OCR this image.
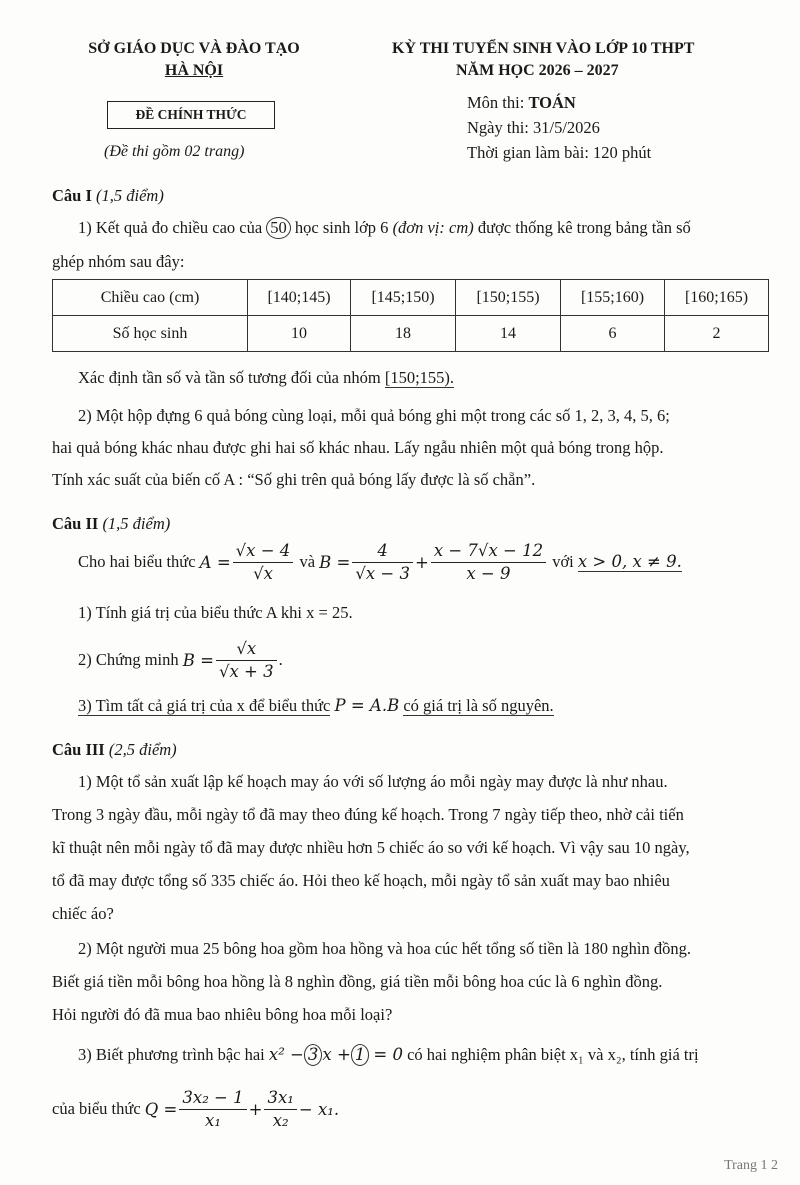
SỞ GIÁO DỤC VÀ ĐÀO TẠO
HÀ NỘI
ĐỀ CHÍNH THỨC
(Đề thi gồm 02 trang)
KỲ THI TUYỂN SINH VÀO LỚP 10 THPT
NĂM HỌC 2026 – 2027
Môn thi: TOÁN
Ngày thi: 31/5/2026
Thời gian làm bài: 120 phút
Câu I (1,5 điểm)
1) Kết quả đo chiều cao của 50 học sinh lớp 6 (đơn vị: cm) được thống kê trong bảng tần số
ghép nhóm sau đây:
Chiều cao (cm)	[140;145)	[145;150)	[150;155)	[155;160)	[160;165)
Số học sinh	10	18	14	6	2
Xác định tần số và tần số tương đối của nhóm [150;155).
2) Một hộp đựng 6 quả bóng cùng loại, mỗi quả bóng ghi một trong các số 1, 2, 3, 4, 5, 6;
hai quả bóng khác nhau được ghi hai số khác nhau. Lấy ngẫu nhiên một quả bóng trong hộp.
Tính xác suất của biến cố A : “Số ghi trên quả bóng lấy được là số chẵn”.
Câu II (1,5 điểm)
Cho hai biểu thức
$A = \frac{√x - 4}{√x}$
và
$B = \frac{4}{√x - 3} + \frac{x - 7√x - 12}{x - 9}$
với
x > 0, x ≠ 9.
1) Tính giá trị của biểu thức A khi x = 25.
2) Chứng minh
$B = \frac{√x}{√x + 3}$ .
3) Tìm tất cả giá trị của x để biểu thức P = A.B có giá trị là số nguyên.
Câu III (2,5 điểm)
1) Một tổ sản xuất lập kế hoạch may áo với số lượng áo mỗi ngày may được là như nhau.
Trong 3 ngày đầu, mỗi ngày tổ đã may theo đúng kế hoạch. Trong 7 ngày tiếp theo, nhờ cải tiến
kĩ thuật nên mỗi ngày tổ đã may được nhiều hơn 5 chiếc áo so với kế hoạch. Vì vậy sau 10 ngày,
tổ đã may được tổng số 335 chiếc áo. Hỏi theo kế hoạch, mỗi ngày tổ sản xuất may bao nhiêu
chiếc áo?
2) Một người mua 25 bông hoa gồm hoa hồng và hoa cúc hết tổng số tiền là 180 nghìn đồng.
Biết giá tiền mỗi bông hoa hồng là 8 nghìn đồng, giá tiền mỗi bông hoa cúc là 6 nghìn đồng.
Hỏi người đó đã mua bao nhiêu bông hoa mỗi loại?
3) Biết phương trình bậc hai x² − 3 x + 1 = 0 có hai nghiệm phân biệt x₁ và x₂, tính giá trị
của biểu thức
$Q = \frac{\text{3x₂ − 1}}{\text{x₁}} + \frac{\text{3x₁}}{\text{x₂}} - x_1$.
Trang 1 2
